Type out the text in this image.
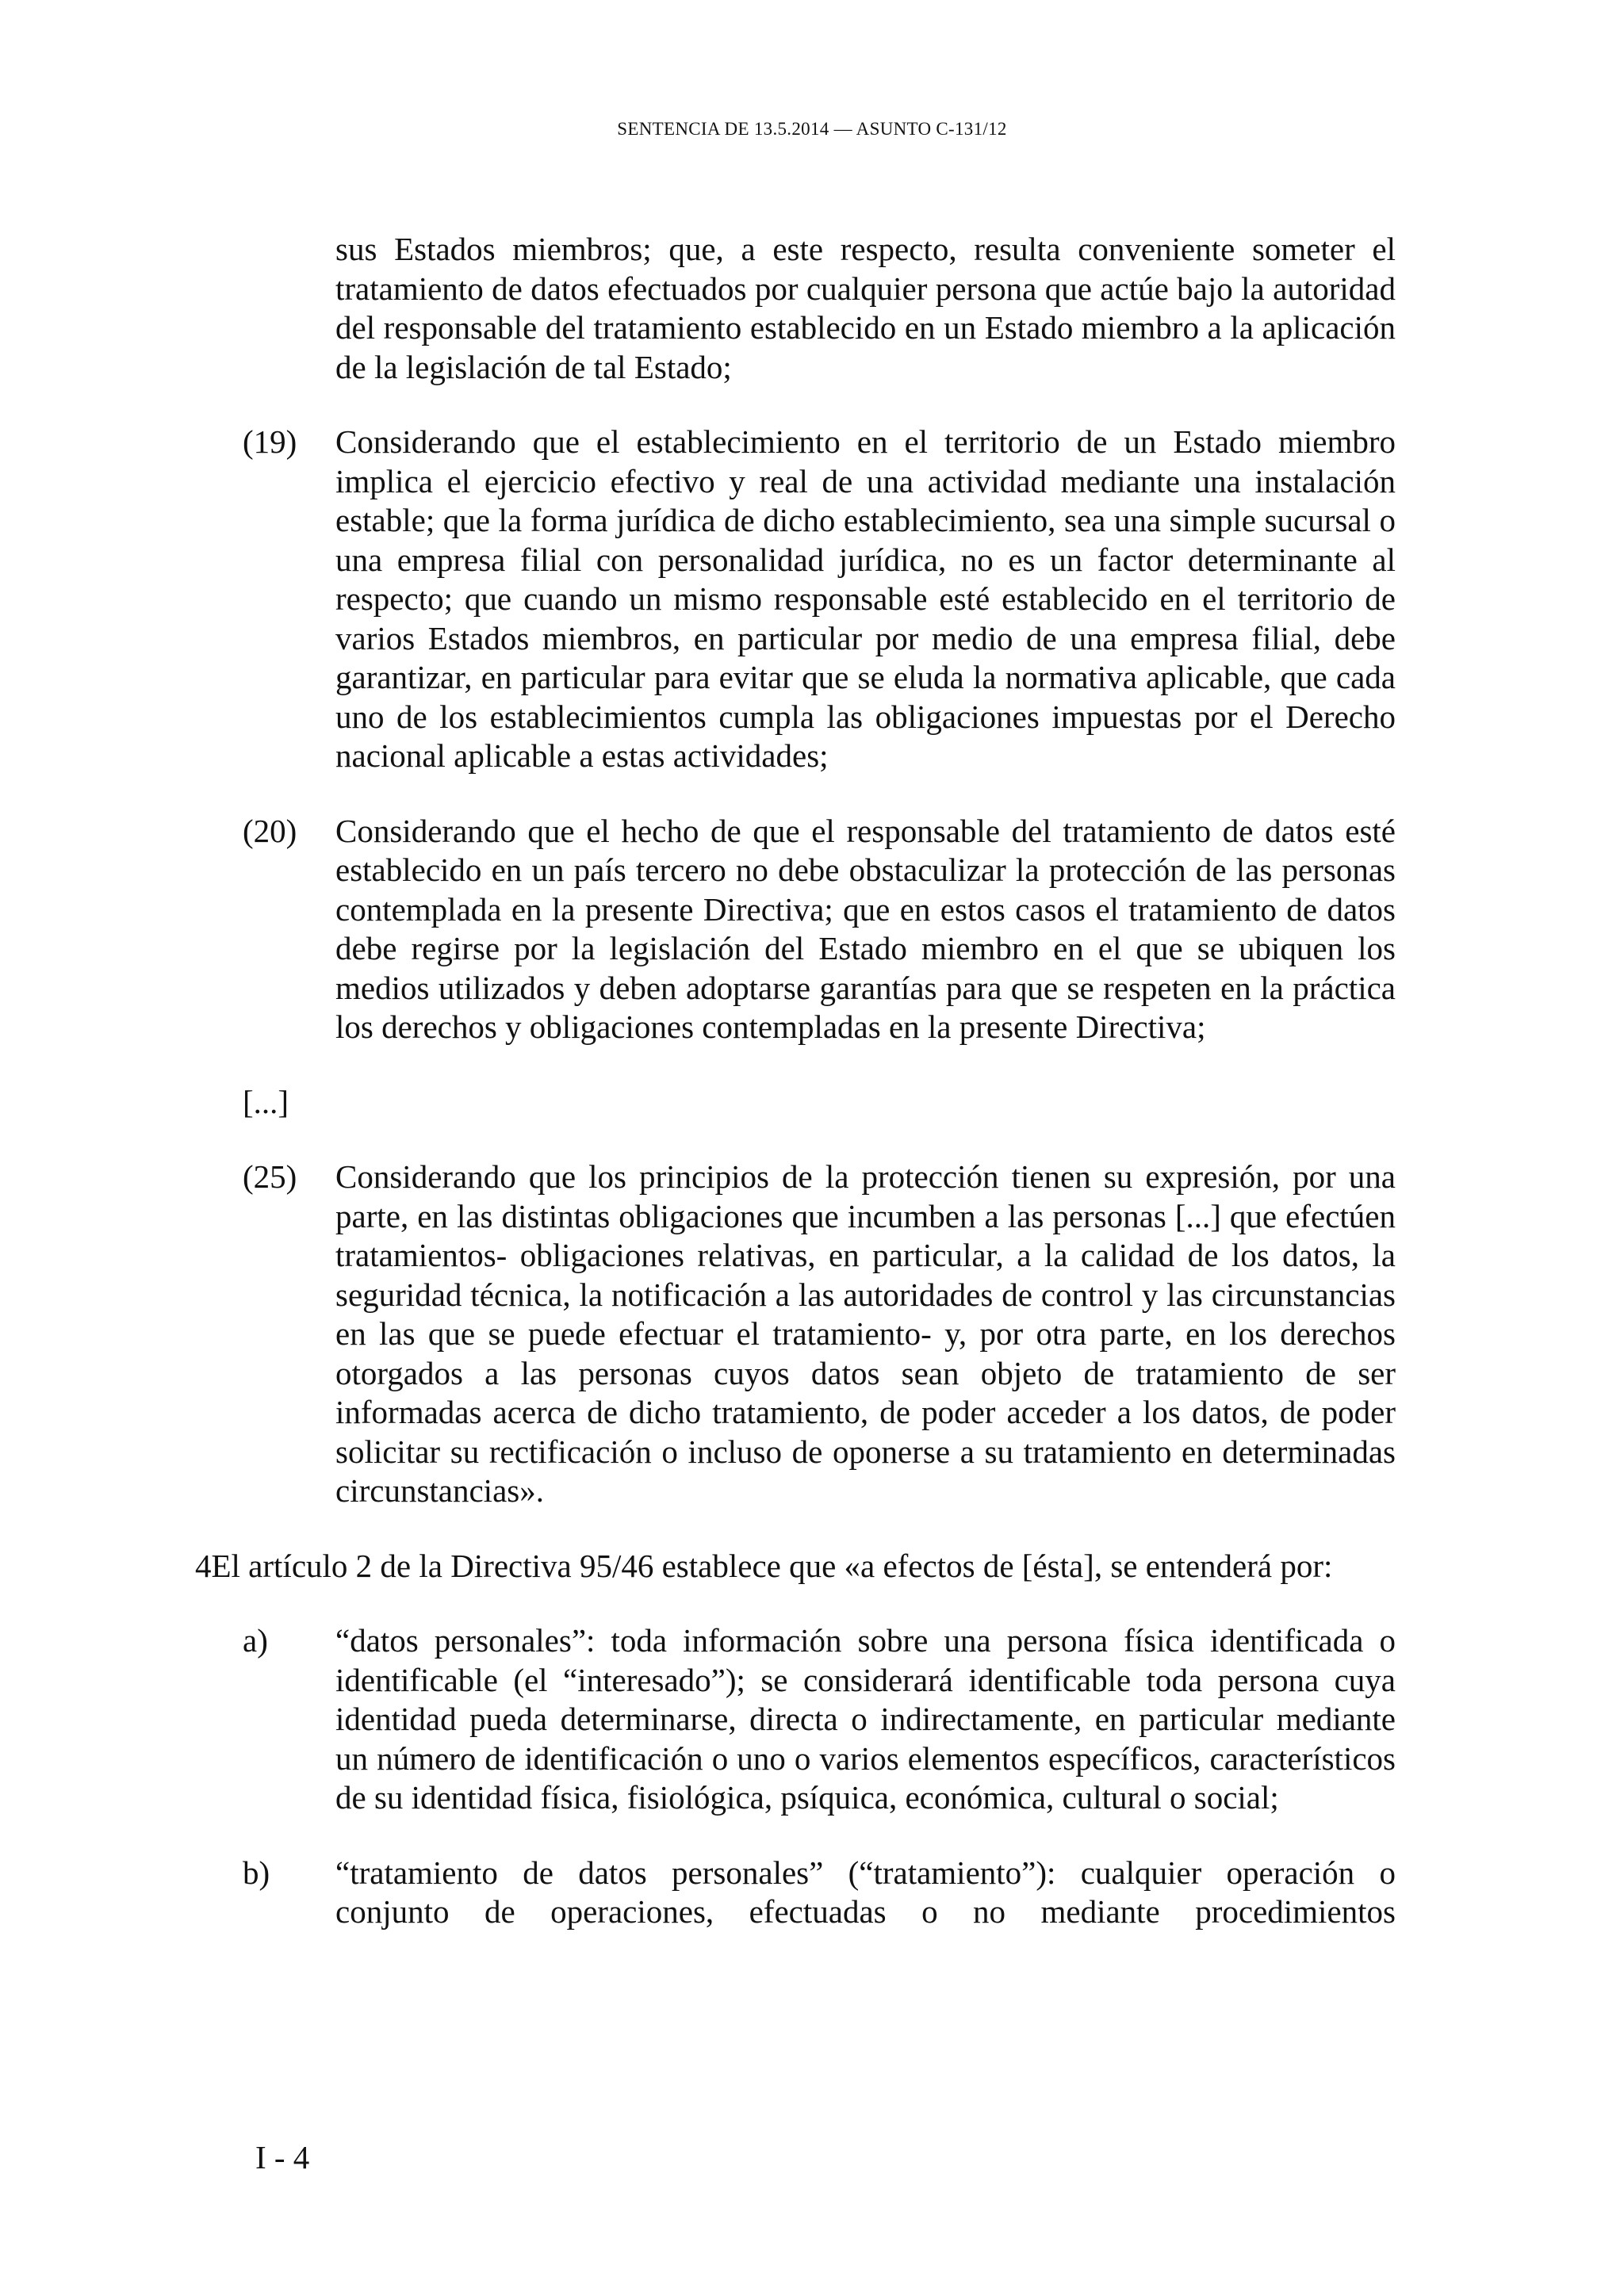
SENTENCIA DE 13.5.2014 — ASUNTO C-131/12
sus Estados miembros; que, a este respecto, resulta conveniente someter el tratamiento de datos efectuados por cualquier persona que actúe bajo la autoridad del responsable del tratamiento establecido en un Estado miembro a la aplicación de la legislación de tal Estado;
(19)	Considerando que el establecimiento en el territorio de un Estado miembro implica el ejercicio efectivo y real de una actividad mediante una instalación estable; que la forma jurídica de dicho establecimiento, sea una simple sucursal o una empresa filial con personalidad jurídica, no es un factor determinante al respecto; que cuando un mismo responsable esté establecido en el territorio de varios Estados miembros, en particular por medio de una empresa filial, debe garantizar, en particular para evitar que se eluda la normativa aplicable, que cada uno de los establecimientos cumpla las obligaciones impuestas por el Derecho nacional aplicable a estas actividades;
(20)	Considerando que el hecho de que el responsable del tratamiento de datos esté establecido en un país tercero no debe obstaculizar la protección de las personas contemplada en la presente Directiva; que en estos casos el tratamiento de datos debe regirse por la legislación del Estado miembro en el que se ubiquen los medios utilizados y deben adoptarse garantías para que se respeten en la práctica los derechos y obligaciones contempladas en la presente Directiva;
[...]
(25)	Considerando que los principios de la protección tienen su expresión, por una parte, en las distintas obligaciones que incumben a las personas [...] que efectúen tratamientos- obligaciones relativas, en particular, a la calidad de los datos, la seguridad técnica, la notificación a las autoridades de control y las circunstancias en las que se puede efectuar el tratamiento- y, por otra parte, en los derechos otorgados a las personas cuyos datos sean objeto de tratamiento de ser informadas acerca de dicho tratamiento, de poder acceder a los datos, de poder solicitar su rectificación o incluso de oponerse a su tratamiento en determinadas circunstancias».
4 El artículo 2 de la Directiva 95/46 establece que «a efectos de [ésta], se entenderá por:
a)	“datos personales”: toda información sobre una persona física identificada o identificable (el “interesado”); se considerará identificable toda persona cuya identidad pueda determinarse, directa o indirectamente, en particular mediante un número de identificación o uno o varios elementos específicos, característicos de su identidad física, fisiológica, psíquica, económica, cultural o social;
b)	“tratamiento de datos personales” (“tratamiento”): cualquier operación o conjunto de operaciones, efectuadas o no mediante procedimientos
I - 4
